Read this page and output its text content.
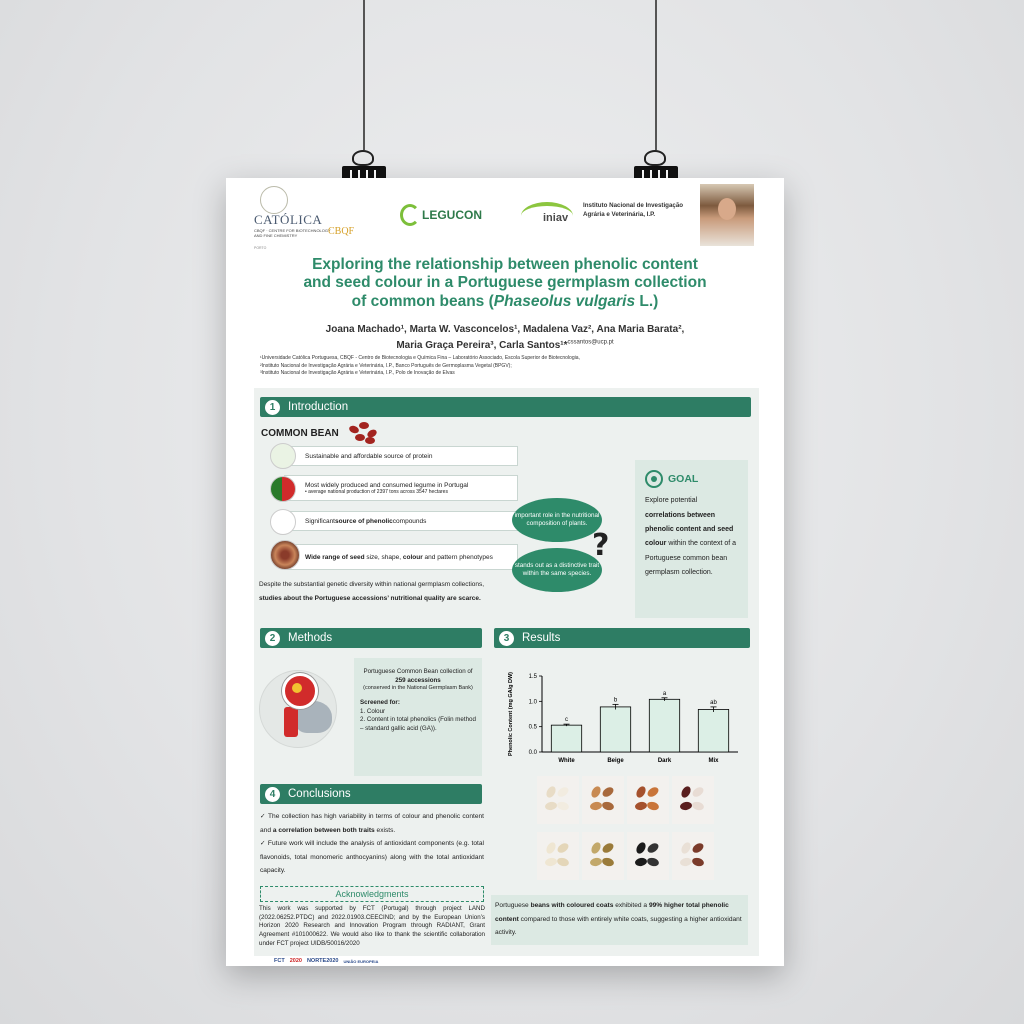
CATÓLICA
CBQF · CENTRE FOR BIOTECHNOLOGY AND FINE CHEMISTRY	CBQF
PORTO
LEGUCON	iniav
Instituto Nacional de Investigação Agrária e Veterinária, I.P.
Exploring the relationship between phenolic content
and seed colour in a Portuguese germplasm collection
of common beans (Phaseolus vulgaris L.)
Joana Machado¹, Marta W. Vasconcelos¹, Madalena Vaz², Ana Maria Barata²,
Maria Graça Pereira³, Carla Santos¹*$^{cssantos@ucp.pt}$
¹Universidade Católica Portuguesa, CBQF - Centro de Biotecnologia e Química Fina – Laboratório Associado, Escola Superior de Biotecnologia,
²Instituto Nacional de Investigação Agrária e Veterinária, I.P., Banco Português de Germoplasma Vegetal (BPGV);
³Instituto Nacional de Investigação Agrária e Veterinária, I.P., Polo de Inovação de Elvas
1	Introduction
COMMON BEAN
Sustainable and affordable source of protein
Most widely produced and consumed legume in Portugal
• average national production of 2397 tons across 3547 hectares
Significant source of phenolic compounds
Wide range of seed size, shape, colour and pattern phenotypes
important role in the nutritional composition of plants.
stands out as a distinctive trait within the same species.
?
GOAL

Explore potential correlations between phenolic content and seed colour within the context of a Portuguese common bean germplasm collection.

Despite the substantial genetic diversity within national germplasm collections, studies about the Portuguese accessions’ nutritional quality are scarce.
2	Methods
Portuguese Common Bean collection of 259 accessions
(conserved in the National Germplasm Bank)
Screened for:
1. Colour
2. Content in total phenolics (Folin method – standard gallic acid (GA)).
3	Results
0.0
0.5
1.0
1.5
Phenolic Content (mg GA/g DW)	c
White
b
Beige
a
Dark
ab
Mix
Portuguese beans with coloured coats exhibited a 99% higher total phenolic content compared to those with entirely white coats, suggesting a higher antioxidant activity.
4	Conclusions
✓ The collection has high variability in terms of colour and phenolic content and a correlation between both traits exists.
✓ Future work will include the analysis of antioxidant components (e.g. total flavonoids, total monomeric anthocyanins) along with the total antioxidant capacity.
Acknowledgments
This work was supported by FCT (Portugal) through project LAND (2022.06252.PTDC) and 2022.01903.CEECIND; and by the European Union’s Horizon 2020 Research and Innovation Program through RADIANT, Grant Agreement #101000622. We would also like to thank the scientific collaboration under FCT project UIDB/50016/2020
FCT 2020 NORTE2020 UNIÃO EUROPEIA
